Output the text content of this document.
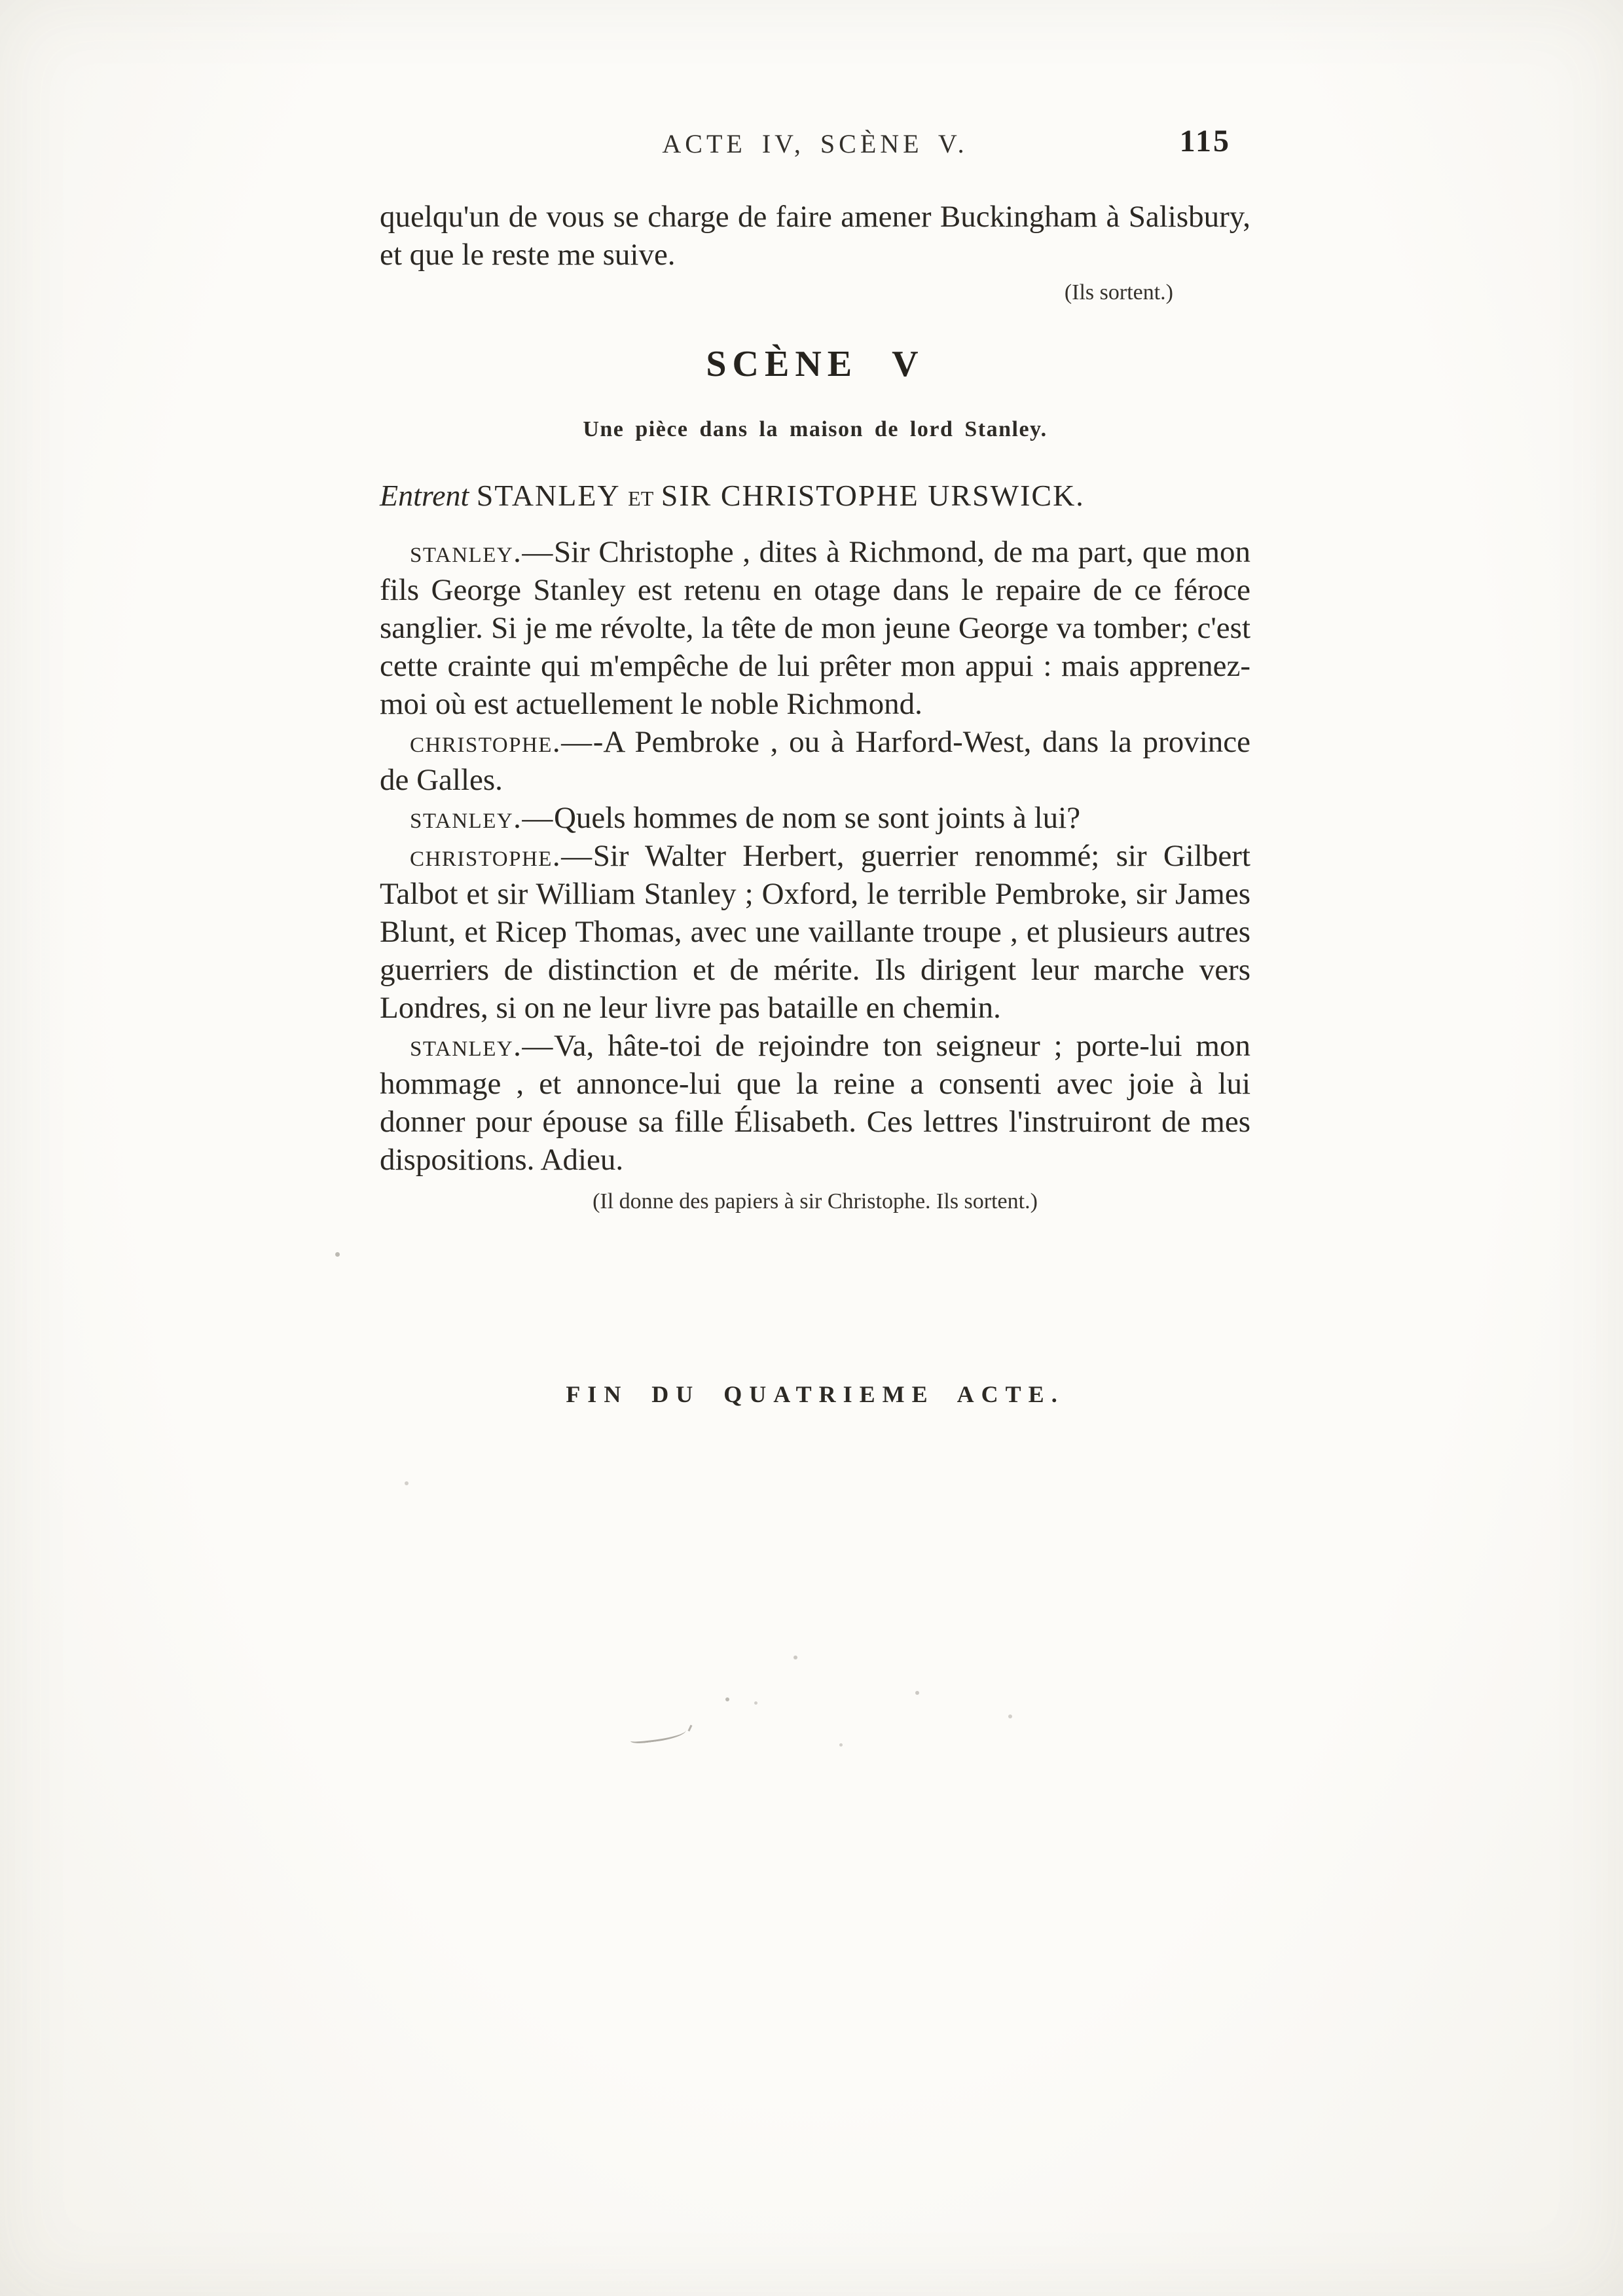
ACTE IV, SCÈNE V.	115

quelqu'un de vous se charge de faire amener Buckingham à Salisbury, et que le reste me suive.

(Ils sortent.)

SCÈNE V

Une pièce dans la maison de lord Stanley.

Entrent STANLEY et SIR CHRISTOPHE URSWICK.

stanley.—Sir Christophe , dites à Richmond, de ma part, que mon fils George Stanley est retenu en otage dans le repaire de ce féroce sanglier. Si je me révolte, la tête de mon jeune George va tomber; c'est cette crainte qui m'empêche de lui prêter mon appui : mais apprenez-moi où est actuellement le noble Richmond.

christophe.—-A Pembroke , ou à Harford-West, dans la province de Galles.

stanley.—Quels hommes de nom se sont joints à lui?

christophe.—Sir Walter Herbert, guerrier renommé; sir Gilbert Talbot et sir William Stanley ; Oxford, le terrible Pembroke, sir James Blunt, et Ricep Thomas, avec une vaillante troupe , et plusieurs autres guerriers de distinction et de mérite. Ils dirigent leur marche vers Londres, si on ne leur livre pas bataille en chemin.

stanley.—Va, hâte-toi de rejoindre ton seigneur ; porte-lui mon hommage , et annonce-lui que la reine a consenti avec joie à lui donner pour épouse sa fille Élisabeth. Ces lettres l'instruiront de mes dispositions. Adieu.

(Il donne des papiers à sir Christophe. Ils sortent.)

FIN DU QUATRIEME ACTE.
